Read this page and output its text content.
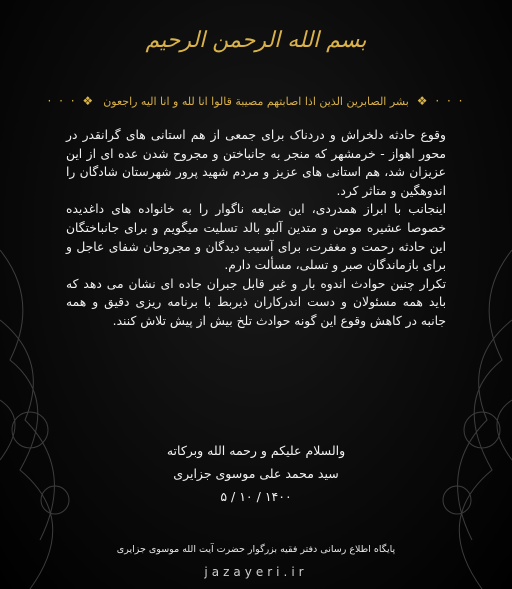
بسم الله الرحمن الرحیم
· · · ❖ بشر الصابرین الذین اذا اصابتهم مصیبة قالوا انا لله و انا الیه راجعون ❖ · · ·

وقوع حادثه دلخراش و دردناک برای جمعی از هم استانی های گرانقدر در محور اهواز - خرمشهر که منجر به جانباختن و مجروح شدن عده ای از این عزیزان شد، هم استانی های عزیز و مردم شهید پرور شهرستان شادگان را اندوهگین و متاثر کرد.

اینجانب با ابراز همدردی، این ضایعه ناگوار را به خانواده های داغدیده خصوصا عشیره مومن و متدین آلبو بالد تسلیت میگویم و برای جانباختگان این حادثه رحمت و مغفرت، برای آسیب دیدگان و مجروحان شفای عاجل و برای بازماندگان صبر و تسلی، مسألت دارم.

تکرار چنین حوادث اندوه بار و غیر قابل جبران جاده ای نشان می دهد که باید همه مسئولان و دست اندرکاران ذیربط با برنامه ریزی دقیق و همه جانبه در کاهش وقوع این گونه حوادث تلخ بیش از پیش تلاش کنند.

والسلام علیکم و رحمه الله وبرکاته
سید محمد علی موسوی جزایری
۱۴۰۰ / ۱۰ / ۵
پایگاه اطلاع رسانی دفتر فقیه بزرگوار حضرت آیت الله موسوی جزایری
jazayeri.ir
